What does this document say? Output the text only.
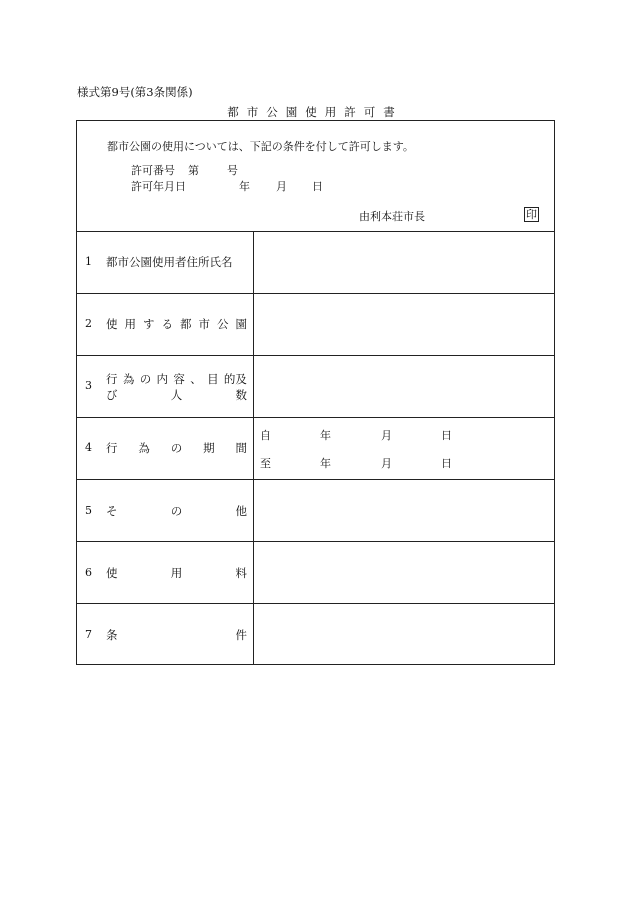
様式第9号(第3条関係)
都市公園使用許可書
都市公園の使用については、下記の条件を付して許可します。
許可番号 第	号
許可年月日	年 月 日
由利本荘市長	印
1 都市公園使用者住所氏名
2 使 用 す る 都 市 公 園
3 行 為 の 内 容 、 目 的及
び	人	数
4 行 為 の 期 間
自	年	月	日
至	年	月	日
5 そ	の	他
6 使	用	料
7 条	件
